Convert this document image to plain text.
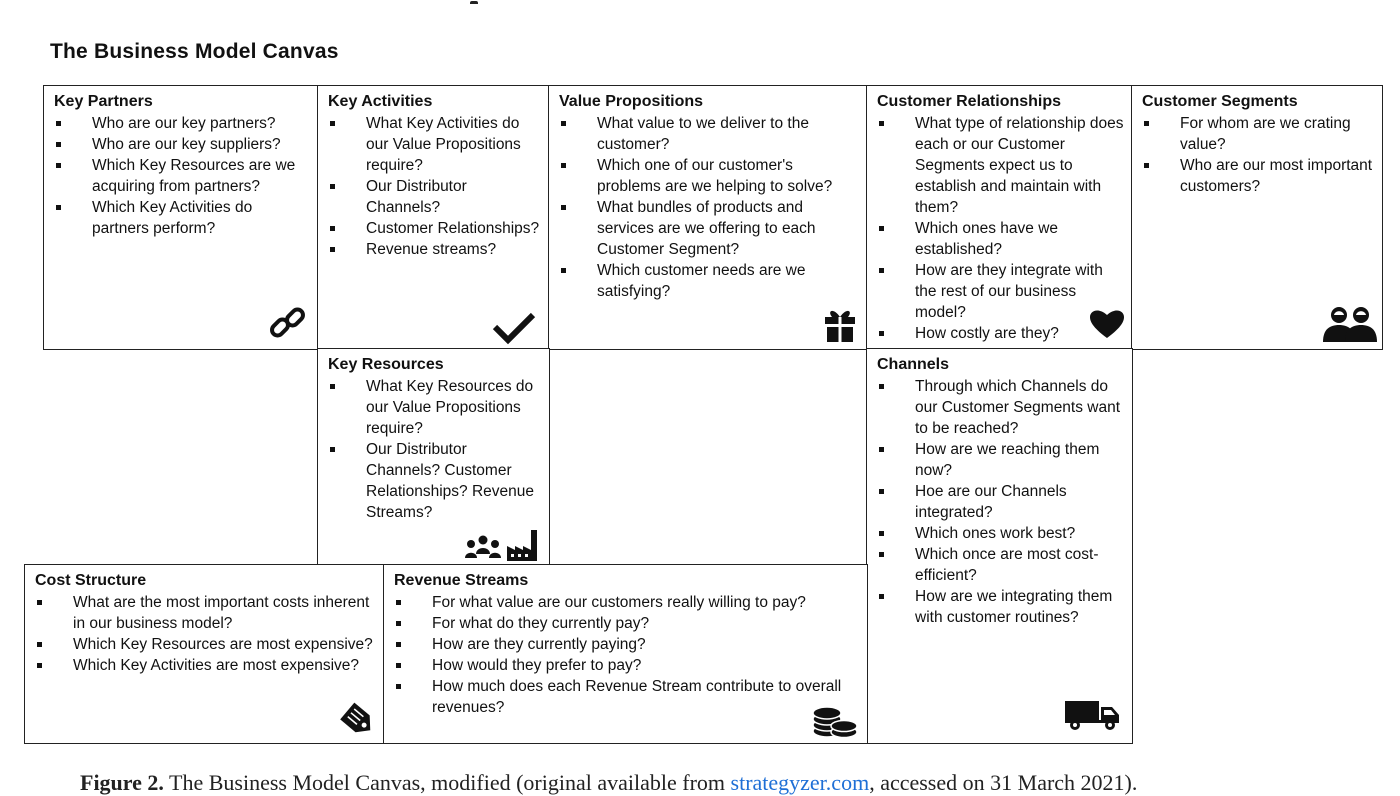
The Business Model Canvas
Key Partners
Who are our key partners?
Who are our key suppliers?
Which Key Resources are we acquiring from partners?
Which Key Activities do partners perform?
Key Activities
What Key Activities do our Value Propositions require?
Our Distributor Channels?
Customer Relationships?
Revenue streams?
Value Propositions
What value to we deliver to the customer?
Which one of our customer's problems are we helping to solve?
What bundles of products and services are we offering to each Customer Segment?
Which customer needs are we satisfying?
Customer Relationships
What type of relationship does each or our Customer Segments expect us to establish and maintain with them?
Which ones have we established?
How are they integrate with the rest of our business model?
How costly are they?
Customer Segments
For whom are we crating value?
Who are our most important customers?
Key Resources
What Key Resources do our Value Propositions require?
Our Distributor Channels? Customer Relationships? Revenue Streams?
Channels
Through which Channels do our Customer Segments want to be reached?
How are we reaching them now?
Hoe are our Channels integrated?
Which ones work best?
Which once are most cost-efficient?
How are we integrating them with customer routines?
Cost Structure
What are the most important costs inherent in our business model?
Which Key Resources are most expensive?
Which Key Activities are most expensive?
Revenue Streams
For what value are our customers really willing to pay?
For what do they currently pay?
How are they currently paying?
How would they prefer to pay?
How much does each Revenue Stream contribute to overall revenues?
Figure 2. The Business Model Canvas, modified (original available from strategyzer.com, accessed on 31 March 2021).
